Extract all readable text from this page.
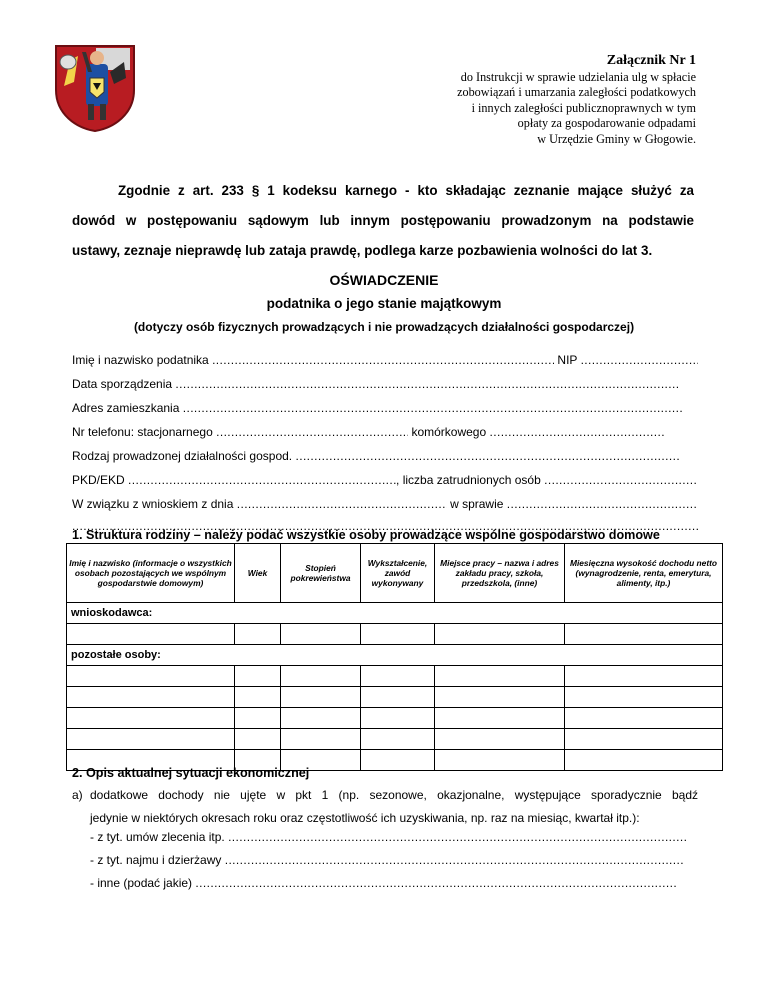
Załącznik Nr 1
do Instrukcji w sprawie udzielania ulg w spłacie
zobowiązań i umarzania zaległości podatkowych
i innych zaległości publicznoprawnych w tym
opłaty za gospodarowanie odpadami
w Urzędzie Gminy w Głogowie.
Zgodnie z art. 233 § 1 kodeksu karnego - kto składając zeznanie mające służyć za
dowód w postępowaniu sądowym lub innym postępowaniu prowadzonym na podstawie
ustawy, zeznaje nieprawdę lub zataja prawdę, podlega karze pozbawienia wolności do lat 3.
OŚWIADCZENIE
podatnika o jego stanie majątkowym
(dotyczy osób fizycznych prowadzących i nie prowadzących działalności gospodarczej)
Imię i nazwisko podatnika .....	NIP .....
Data sporządzenia .....
Adres zamieszkania .....
Nr telefonu: stacjonarnego .....	komórkowego .....
Rodzaj prowadzonej działalności gospod. .....
PKD/EKD .....	, liczba zatrudnionych osób .....
W związku z wnioskiem z dnia .....	w sprawie .....
.....
1. Struktura rodziny – należy podać wszystkie osoby prowadzące wspólne gospodarstwo domowe
Imię i nazwisko (informacje o wszystkich osobach pozostających we wspólnym gospodarstwie domowym)	Wiek	Stopień pokrewieństwa	Wykształcenie, zawód wykonywany	Miejsce pracy – nazwa i adres zakładu pracy, szkoła, przedszkola, (inne)	Miesięczna wysokość dochodu netto (wynagrodzenie, renta, emerytura, alimenty, itp.)
wnioskodawca:					

pozostałe osoby:					

2. Opis aktualnej sytuacji ekonomicznej
a) dodatkowe dochody nie ujęte w pkt 1 (np. sezonowe, okazjonalne, występujące sporadycznie bądź
jedynie w niektórych okresach roku oraz częstotliwość ich uzyskiwania, np. raz na miesiąc, kwartał itp.):
- z tyt. umów zlecenia itp. .....
- z tyt. najmu i dzierżawy .....
- inne (podać jakie) .....
